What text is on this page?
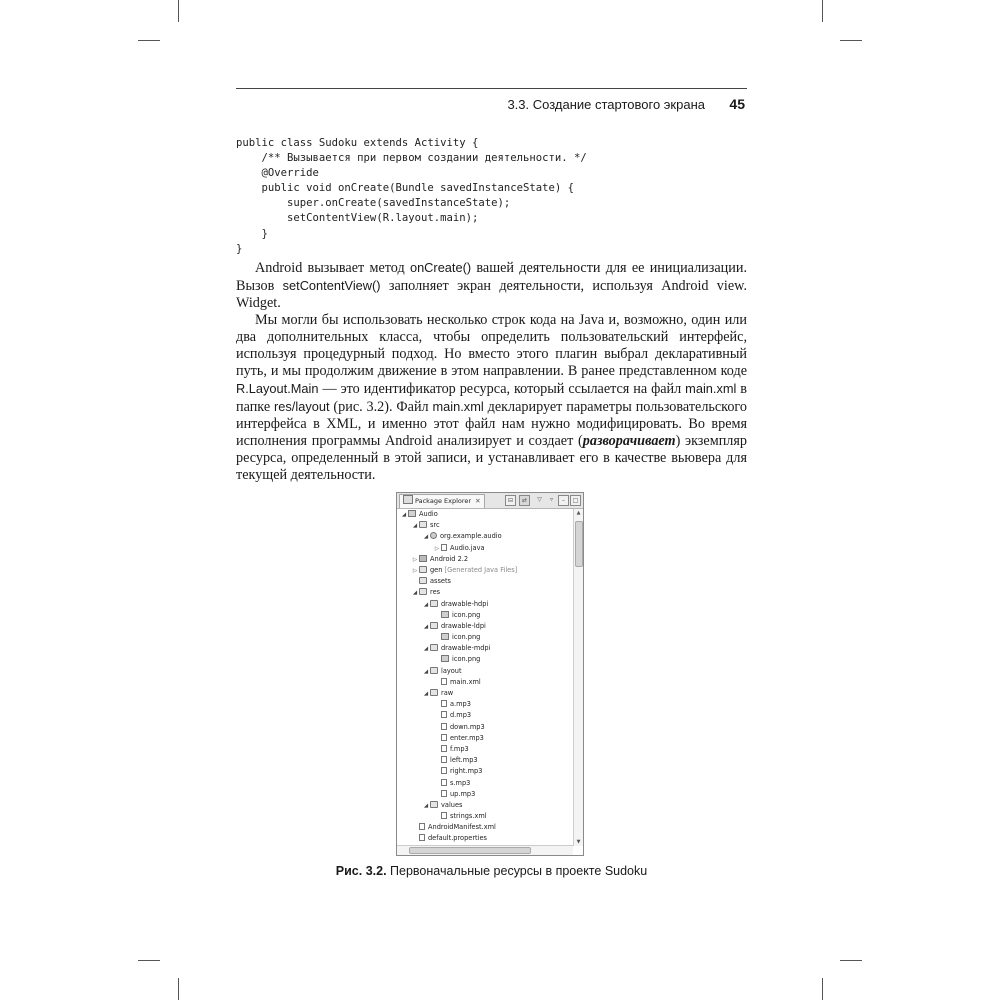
3.3. Создание стартового экрана 45
public class Sudoku extends Activity {
/** Вызывается при первом создании деятельности. */
@Override
public void onCreate(Bundle savedInstanceState) {
super.onCreate(savedInstanceState);
setContentView(R.layout.main);
}
}

Android вызывает метод onCreate() вашей деятельности для ее инициализации. Вызов setContentView() заполняет экран деятельности, используя Android view. Widget.

Мы могли бы использовать несколько строк кода на Java и, возможно, один или два дополнительных класса, чтобы определить пользовательский интерфейс, используя процедурный подход. Но вместо этого плагин выбрал декларативный путь, и мы продолжим движение в этом направлении. В ранее представленном коде R.Layout.Main — это идентификатор ресурса, который ссылается на файл main.xml в папке res/layout (рис. 3.2). Файл main.xml декларирует параметры пользовательского интерфейса в XML, и именно этот файл нам нужно модифицировать. Во время исполнения программы Android анализирует и создает (разворачивает) экземпляр ресурса, определенный в этой записи, и устанавливает его в качестве вьювера для текущей деятельности.

Package Explorer ✕	⊟	⇄	▽	▿	–	□
◢ Audio
◢ src
◢ org.example.audio
▷ Audio.java
▷ Android 2.2
▷ gen [Generated Java Files]
assets
◢ res
◢ drawable-hdpi
icon.png
◢ drawable-ldpi
icon.png
◢ drawable-mdpi
icon.png
◢ layout
main.xml
◢ raw
a.mp3
d.mp3
down.mp3
enter.mp3
f.mp3
left.mp3
right.mp3
s.mp3
up.mp3
◢ values
strings.xml
AndroidManifest.xml
default.properties
▲
▼
Рис. 3.2. Первоначальные ресурсы в проекте Sudoku
